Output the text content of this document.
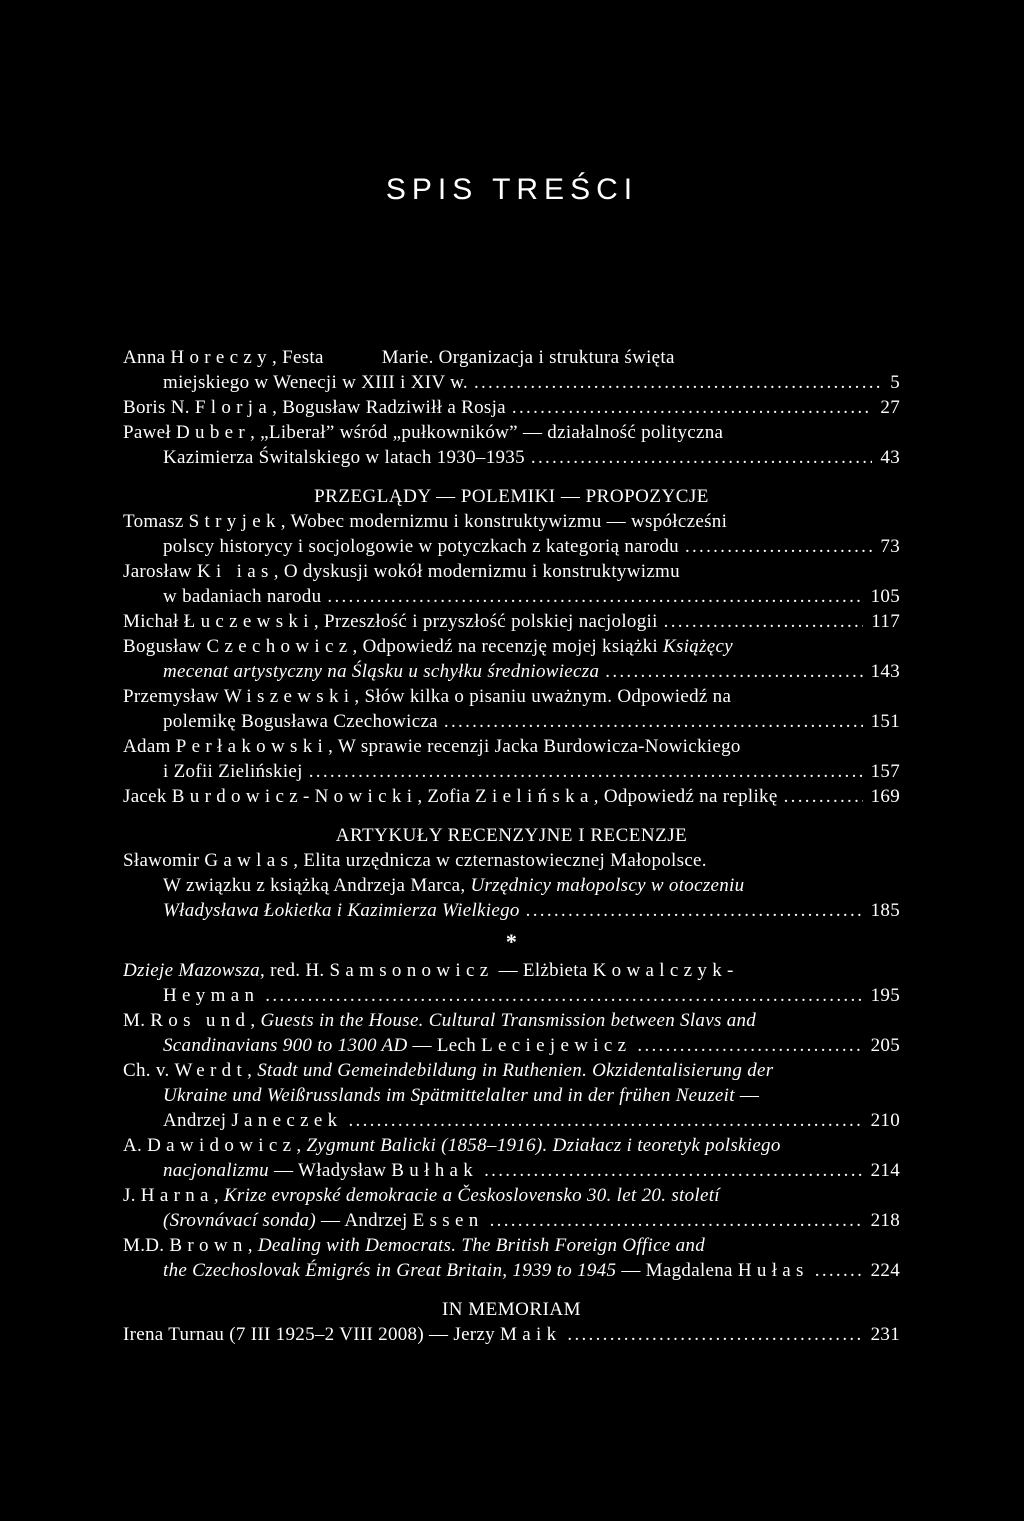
SPIS TREŚCI
Anna Horeczy, Festa	Marie. Organizacja i struktura święta
miejskiego w Wenecji w XIII i XIV w. .....	5
Boris N. Florja, Bogusław Radziwiłł a Rosja .....	27
Paweł Duber, „Liberał” wśród „pułkowników” — działalność polityczna
Kazimierza Świtalskiego w latach 1930–1935 .....	43
PRZEGLĄDY — POLEMIKI — PROPOZYCJE
Tomasz Stryjek, Wobec modernizmu i konstruktywizmu — współcześni
polscy historycy i socjologowie w potyczkach z kategorią narodu .....	73
Jarosław Ki ias, O dyskusji wokół modernizmu i konstruktywizmu
w badaniach narodu .....	105
Michał Łuczewski, Przeszłość i przyszłość polskiej nacjologii .....	117
Bogusław Czechowicz, Odpowiedź na recenzję mojej książki Książęcy
mecenat artystyczny na Śląsku u schyłku średniowiecza .....	143
Przemysław Wiszewski, Słów kilka o pisaniu uważnym. Odpowiedź na
polemikę Bogusława Czechowicza .....	151
Adam Perłakowski, W sprawie recenzji Jacka Burdowicza-Nowickiego
i Zofii Zielińskiej .....	157
Jacek Burdowicz-Nowicki, Zofia Zielińska, Odpowiedź na replikę .....	169
ARTYKUŁY RECENZYJNE I RECENZJE
Sławomir Gawlas, Elita urzędnicza w czternastowiecznej Małopolsce.
W związku z książką Andrzeja Marca, Urzędnicy małopolscy w otoczeniu
Władysława Łokietka i Kazimierza Wielkiego .....	185
*
Dzieje Mazowsza, red. H. Samsonowicz — Elżbieta Kowalczyk-
Heyman .....	195
M. Ros und, Guests in the House. Cultural Transmission between Slavs and
Scandinavians 900 to 1300 AD — Lech Leciejewicz .....	205
Ch. v. Werdt, Stadt und Gemeindebildung in Ruthenien. Okzidentalisierung der
Ukraine und Weißrusslands im Spätmittelalter und in der frühen Neuzeit —
Andrzej Janeczek .....	210
A. Dawidowicz, Zygmunt Balicki (1858–1916). Działacz i teoretyk polskiego
nacjonalizmu — Władysław Bułhak .....	214
J. Harna, Krize evropské demokracie a Československo 30. let 20. století
(Srovnávací sonda) — Andrzej Essen .....	218
M.D. Brown, Dealing with Democrats. The British Foreign Office and
the Czechoslovak Émigrés in Great Britain, 1939 to 1945 — Magdalena Hułas .....	224
IN MEMORIAM
Irena Turnau (7 III 1925–2 VIII 2008) — Jerzy Maik .....	231
